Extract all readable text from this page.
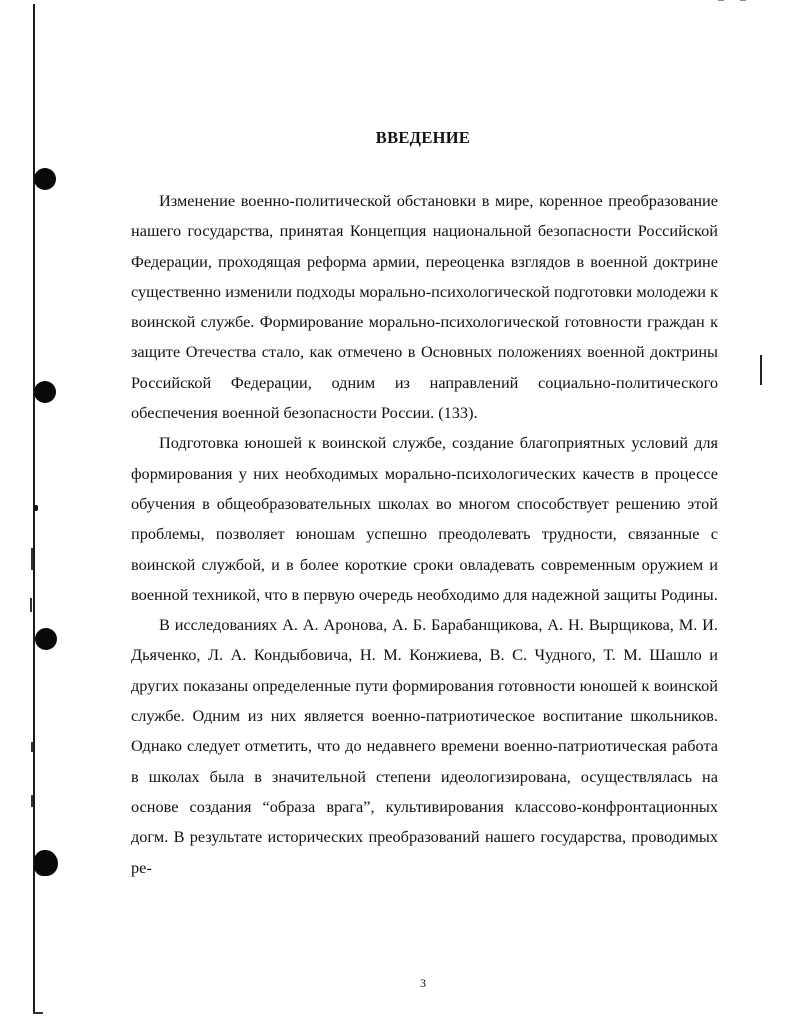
ВВЕДЕНИЕ

Изменение военно-политической обстановки в мире, коренное преобразование нашего государства, принятая Концепция национальной безопасности Российской Федерации, проходящая реформа армии, переоценка взглядов в военной доктрине существенно изменили подходы морально-психологической подготовки молодежи к воинской службе. Формирование морально-психологической готовности граждан к защите Отечества стало, как отмечено в Основных положениях военной доктрины Российской Федерации, одним из направлений социально-политического обеспечения военной безопасности России. (133).

Подготовка юношей к воинской службе, создание благоприятных условий для формирования у них необходимых морально-психологических качеств в процессе обучения в общеобразовательных школах во многом способствует решению этой проблемы, позволяет юношам успешно преодолевать трудности, связанные с воинской службой, и в более короткие сроки овладевать современным оружием и военной техникой, что в первую очередь необходимо для надежной защиты Родины.

В исследованиях А. А. Аронова, А. Б. Барабанщикова, А. Н. Вырщикова, М. И. Дьяченко, Л. А. Кондыбовича, Н. М. Конжиева, В. С. Чудного, Т. М. Шашло и других показаны определенные пути формирования готовности юношей к воинской службе. Одним из них является военно-патриотическое воспитание школьников. Однако следует отметить, что до недавнего времени военно-патриотическая работа в школах была в значительной степени идеологизирована, осуществлялась на основе создания “образа врага”, культивирования классово-конфронтационных догм. В результате исторических преобразований нашего государства, проводимых ре-

3
